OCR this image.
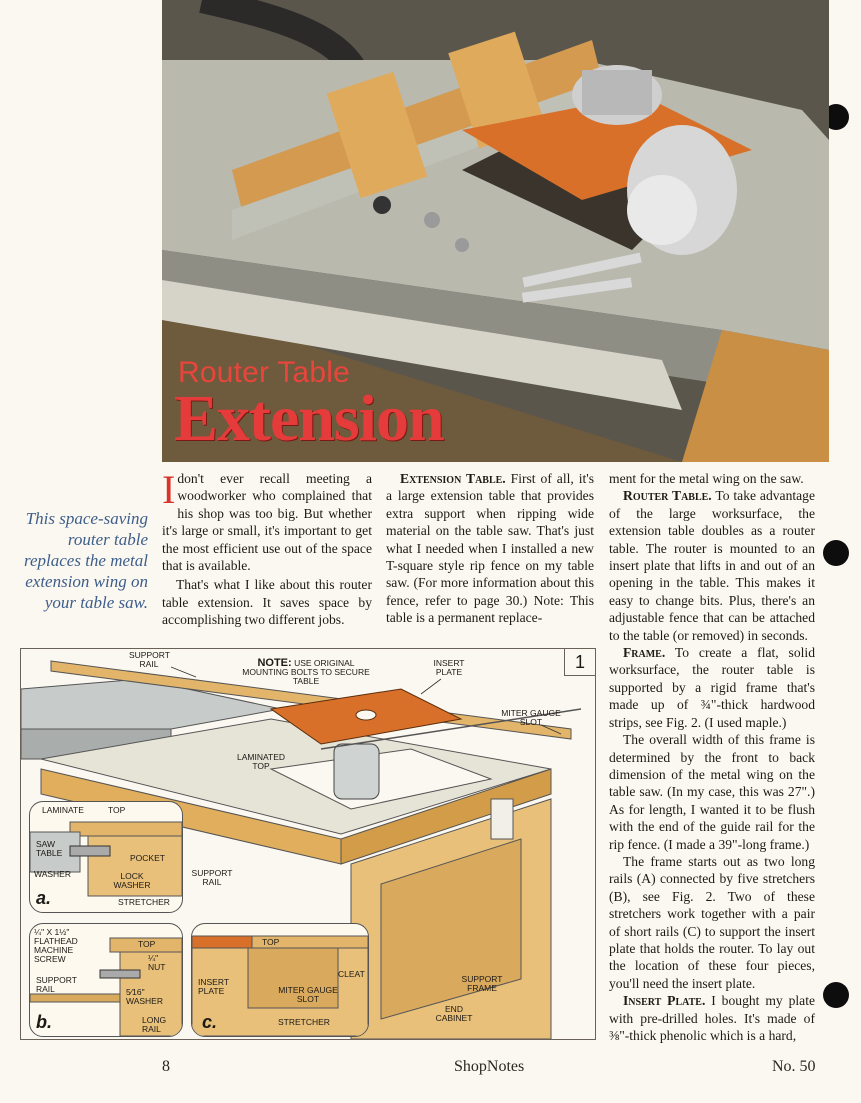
Router Table
Extension
This space-saving router table replaces the metal extension wing on your table saw.

Idon't ever recall meeting a woodworker who complained that his shop was too big. But whether it's large or small, it's important to get the most efficient use out of the space that is available.

That's what I like about this router table extension. It saves space by accomplishing two different jobs.

Extension Table. First of all, it's a large extension table that provides extra support when ripping wide material on the table saw. That's just what I needed when I installed a new T-square style rip fence on my table saw. (For more information about this fence, refer to page 30.) Note: This table is a permanent replace-

ment for the metal wing on the saw.

Router Table. To take advantage of the large worksurface, the extension table doubles as a router table. The router is mounted to an insert plate that lifts in and out of an opening in the table. This makes it easy to change bits. Plus, there's an adjustable fence that can be attached to the table (or removed) in seconds.

Frame. To create a flat, solid worksurface, the router table is supported by a rigid frame that's made up of ¾"-thick hardwood strips, see Fig. 2. (I used maple.)

The overall width of this frame is determined by the front to back dimension of the metal wing on the table saw. (In my case, this was 27".) As for length, I wanted it to be flush with the end of the guide rail for the rip fence. (I made a 39"-long frame.)

The frame starts out as two long rails (A) connected by five stretchers (B), see Fig. 2. Two of these stretchers work together with a pair of short rails (C) to support the insert plate that holds the router. To lay out the location of these four pieces, you'll need the insert plate.

Insert Plate. I bought my plate with pre-drilled holes. It's made of ⅜"-thick phenolic which is a hard,

1
SUPPORT RAIL	NOTE: USE ORIGINAL MOUNTING BOLTS TO SECURE TABLE
INSERT PLATE
MITER GAUGE SLOT
LAMINATED TOP
SUPPORT RAIL
SUPPORT FRAME
END CABINET
LAMINATE	TOP
SAW TABLE	POCKET
LOCK WASHER
WASHER
STRETCHER
a.
¼" X 1½" FLATHEAD MACHINE SCREW
TOP
¼" NUT
SUPPORT RAIL	5⁄16" WASHER
LONG RAIL
b.
TOP
CLEAT
INSERT PLATE	MITER GAUGE SLOT
STRETCHER
c.
8	ShopNotes	No. 50
